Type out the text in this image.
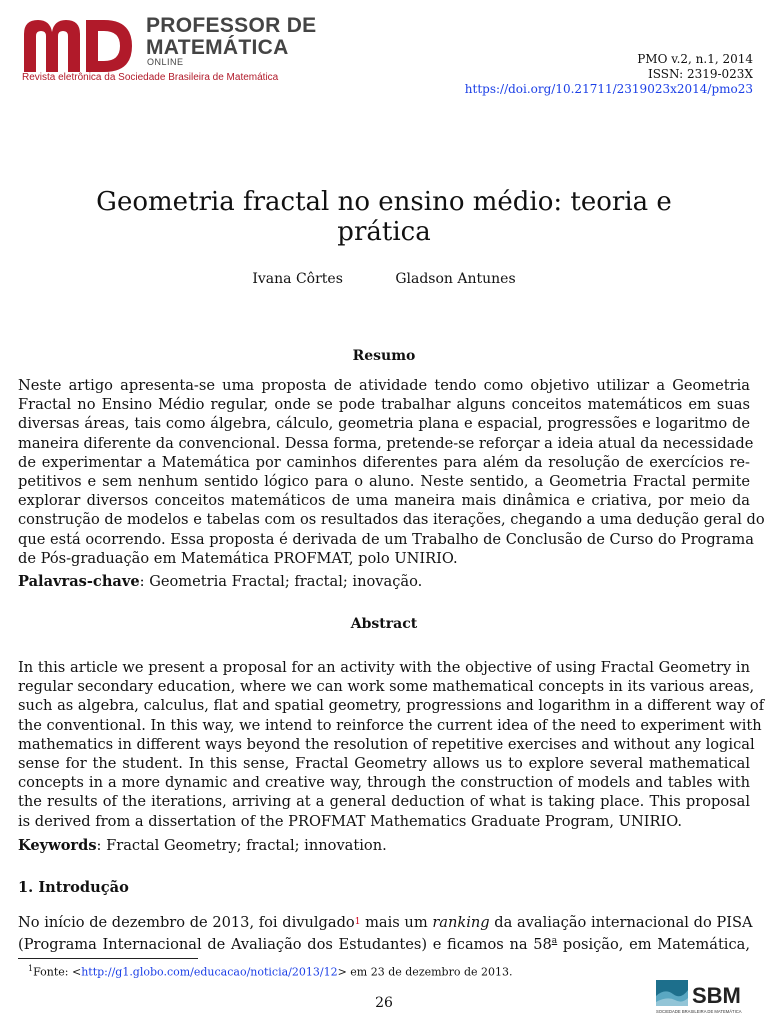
PROFESSOR DE
MATEMÁTICA
ONLINE
Revista eletrônica da Sociedade Brasileira de Matemática
PMO v.2, n.1, 2014
ISSN: 2319-023X
https://doi.org/10.21711/2319023x2014/pmo23
Geometria fractal no ensino médio: teoria e
prática
Ivana Côrtes	Gladson Antunes
Resumo
Neste artigo apresenta-se uma proposta de atividade tendo como objetivo utilizar a Geometria
Fractal no Ensino Médio regular, onde se pode trabalhar alguns conceitos matemáticos em suas
diversas áreas, tais como álgebra, cálculo, geometria plana e espacial, progressões e logaritmo de
maneira diferente da convencional. Dessa forma, pretende-se reforçar a ideia atual da necessidade
de experimentar a Matemática por caminhos diferentes para além da resolução de exercícios re-
petitivos e sem nenhum sentido lógico para o aluno. Neste sentido, a Geometria Fractal permite
explorar diversos conceitos matemáticos de uma maneira mais dinâmica e criativa, por meio da
construção de modelos e tabelas com os resultados das iterações, chegando a uma dedução geral do
que está ocorrendo. Essa proposta é derivada de um Trabalho de Conclusão de Curso do Programa
de Pós-graduação em Matemática PROFMAT, polo UNIRIO.
Palavras-chave: Geometria Fractal; fractal; inovação.
Abstract
In this article we present a proposal for an activity with the objective of using Fractal Geometry in
regular secondary education, where we can work some mathematical concepts in its various areas,
such as algebra, calculus, flat and spatial geometry, progressions and logarithm in a different way of
the conventional. In this way, we intend to reinforce the current idea of the need to experiment with
mathematics in different ways beyond the resolution of repetitive exercises and without any logical
sense for the student. In this sense, Fractal Geometry allows us to explore several mathematical
concepts in a more dynamic and creative way, through the construction of models and tables with
the results of the iterations, arriving at a general deduction of what is taking place. This proposal
is derived from a dissertation of the PROFMAT Mathematics Graduate Program, UNIRIO.
Keywords: Fractal Geometry; fractal; innovation.
1. Introdução
No início de dezembro de 2013, foi divulgado$^1$ mais um ranking da avaliação internacional do PISA
(Programa Internacional de Avaliação dos Estudantes) e ficamos na 58$^a$ posição, em Matemática,
$^1$Fonte: <http://g1.globo.com/educacao/noticia/2013/12> em 23 de dezembro de 2013.
26	SBM
SOCIEDADE BRASILEIRA DE MATEMÁTICA
